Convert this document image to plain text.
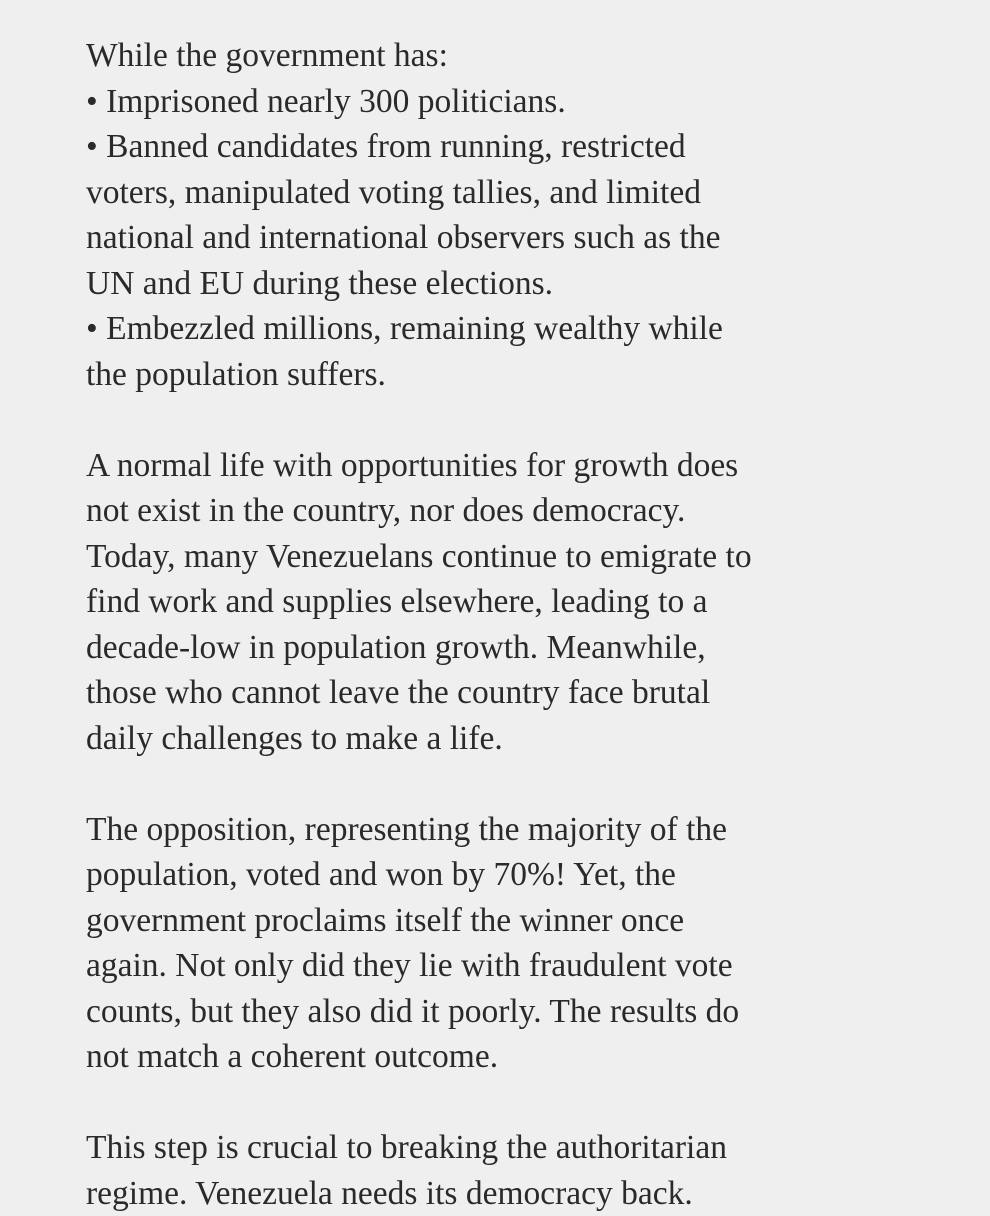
While the government has:
• Imprisoned nearly 300 politicians.
• Banned candidates from running, restricted
voters, manipulated voting tallies, and limited
national and international observers such as the
UN and EU during these elections.
• Embezzled millions, remaining wealthy while
the population suffers.
A normal life with opportunities for growth does
not exist in the country, nor does democracy.
Today, many Venezuelans continue to emigrate to
find work and supplies elsewhere, leading to a
decade-low in population growth. Meanwhile,
those who cannot leave the country face brutal
daily challenges to make a life.
The opposition, representing the majority of the
population, voted and won by 70%! Yet, the
government proclaims itself the winner once
again. Not only did they lie with fraudulent vote
counts, but they also did it poorly. The results do
not match a coherent outcome.
This step is crucial to breaking the authoritarian
regime. Venezuela needs its democracy back.
